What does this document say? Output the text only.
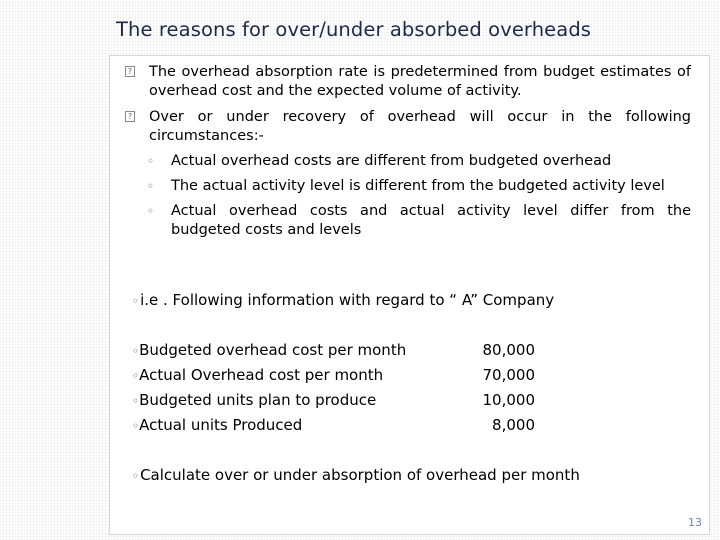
The reasons for over/under absorbed overheads
? The overhead absorption rate is predetermined from budget estimates of overhead cost and the expected volume of activity.
? Over or under recovery of overhead will occur in the following circumstances:-
◦ Actual overhead costs are different from budgeted overhead
◦ The actual activity level is different from the budgeted activity level
◦ Actual overhead costs and actual activity level differ from the budgeted costs and levels
◦i.e . Following information with regard to “ A” Company
◦Budgeted overhead cost per month	80,000
◦Actual Overhead cost per month	70,000
◦Budgeted units plan to produce	10,000
◦Actual units Produced	8,000
◦Calculate over or under absorption of overhead per month
13
